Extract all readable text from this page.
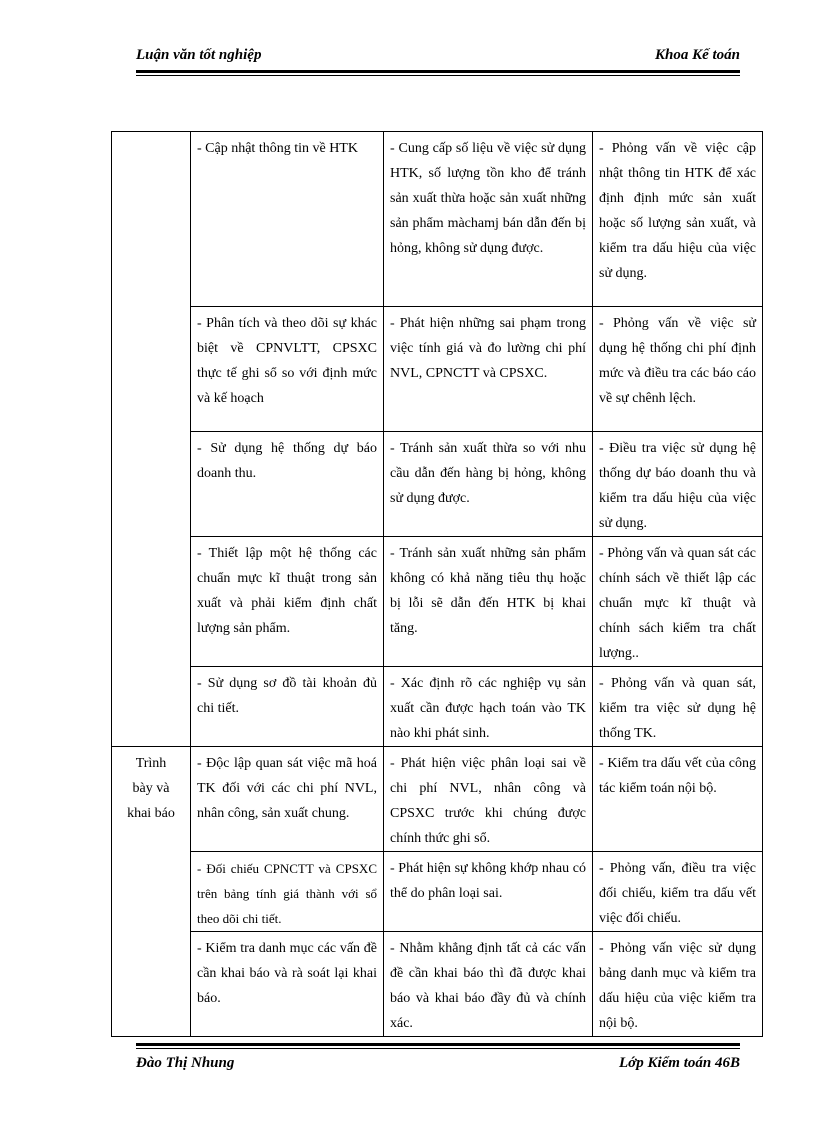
Luận văn tốt nghiệp	Khoa Kế toán
	- Cập nhật thông tin về HTK	- Cung cấp số liệu về việc sử dụng HTK, số lượng tồn kho để tránh sản xuất thừa hoặc sản xuất những sản phẩm màchamj bán dẫn đến bị hỏng, không sử dụng được.	- Phỏng vấn về việc cập nhật thông tin HTK để xác định định mức sản xuất hoặc số lượng sản xuất, và kiểm tra dấu hiệu của việc sử dụng.
	- Phân tích và theo dõi sự khác biệt về CPNVLTT, CPSXC thực tế ghi sổ so với định mức và kế hoạch	- Phát hiện những sai phạm trong việc tính giá và đo lường chi phí NVL, CPNCTT và CPSXC.	- Phỏng vấn về việc sử dụng hệ thống chi phí định mức và điều tra các báo cáo về sự chênh lệch.
	- Sử dụng hệ thống dự báo doanh thu.	- Tránh sản xuất thừa so với nhu cầu dẫn đến hàng bị hỏng, không sử dụng được.	- Điều tra việc sử dụng hệ thống dự báo doanh thu và kiểm tra dấu hiệu của việc sử dụng.
	- Thiết lập một hệ thống các chuẩn mực kĩ thuật trong sản xuất và phải kiểm định chất lượng sản phẩm.	- Tránh sản xuất những sản phẩm không có khả năng tiêu thụ hoặc bị lỗi sẽ dẫn đến HTK bị khai tăng.	- Phỏng vấn và quan sát các chính sách về thiết lập các chuẩn mực kĩ thuật và chính sách kiểm tra chất lượng..
	- Sử dụng sơ đồ tài khoản đủ chi tiết.	- Xác định rõ các nghiệp vụ sản xuất cần được hạch toán vào TK nào khi phát sinh.	- Phỏng vấn và quan sát, kiểm tra việc sử dụng hệ thống TK.

Trình
bày và
khai báo	- Độc lập quan sát việc mã hoá TK đối với các chi phí NVL, nhân công, sản xuất chung.	- Phát hiện việc phân loại sai về chi phí NVL, nhân công và CPSXC trước khi chúng được chính thức ghi sổ.	- Kiểm tra dấu vết của công tác kiểm toán nội bộ.
	- Đối chiếu CPNCTT và CPSXC trên bảng tính giá thành với sổ theo dõi chi tiết.	- Phát hiện sự không khớp nhau có thể do phân loại sai.	- Phỏng vấn, điều tra việc đối chiếu, kiểm tra dấu vết việc đối chiếu.
	- Kiểm tra danh mục các vấn đề cần khai báo và rà soát lại khai báo.	- Nhằm khẳng định tất cả các vấn đề cần khai báo thì đã được khai báo và khai báo đầy đủ và chính xác.	- Phỏng vấn việc sử dụng bảng danh mục và kiểm tra dấu hiệu của việc kiểm tra nội bộ.
Đào Thị Nhung	Lớp Kiểm toán 46B
